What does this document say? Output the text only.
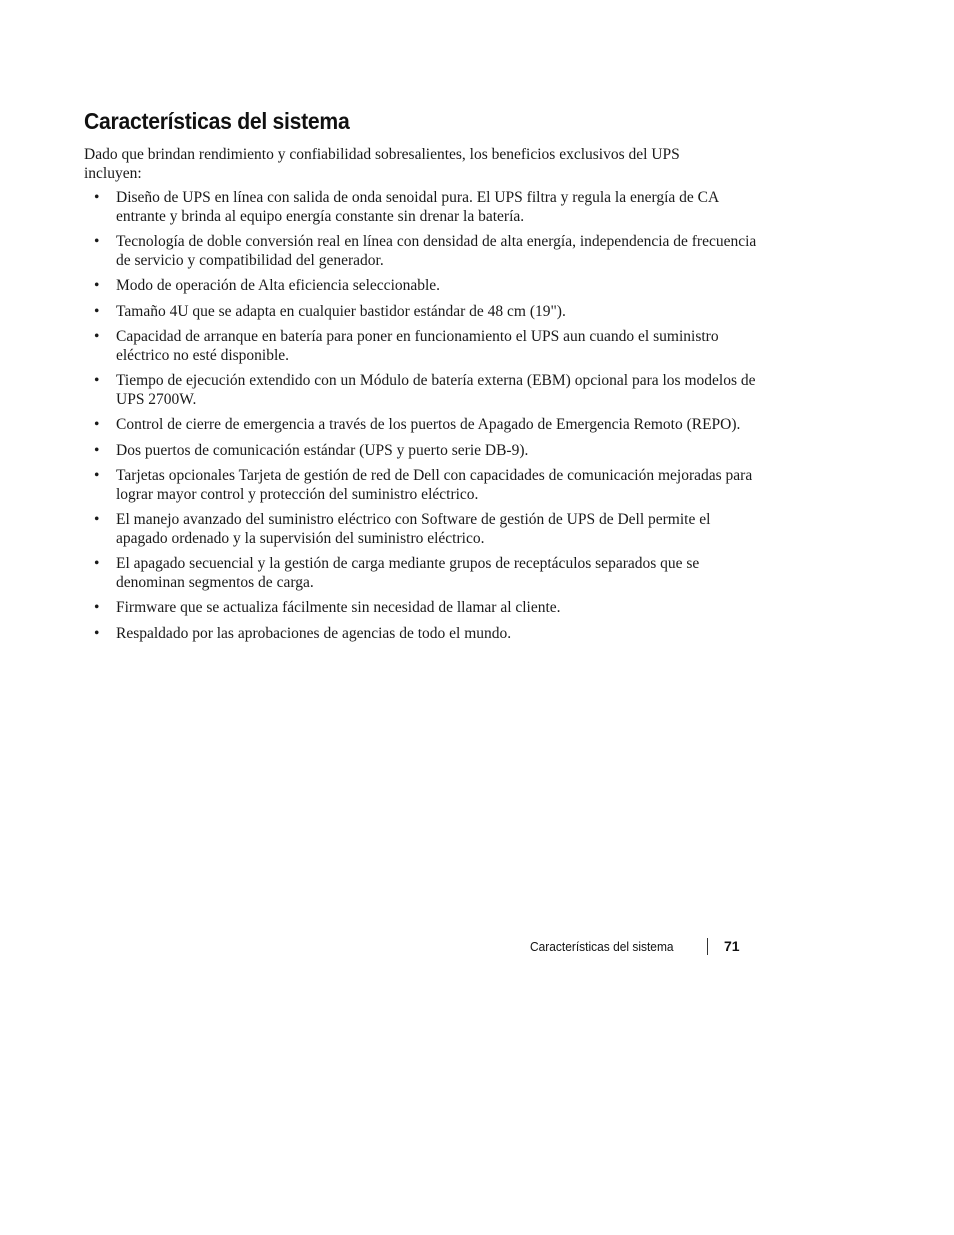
Características del sistema

Dado que brindan rendimiento y confiabilidad sobresalientes, los beneficios exclusivos del UPS incluyen:

• Diseño de UPS en línea con salida de onda senoidal pura. El UPS filtra y regula la energía de CA entrante y brinda al equipo energía constante sin drenar la batería.
• Tecnología de doble conversión real en línea con densidad de alta energía, independencia de frecuencia de servicio y compatibilidad del generador.
• Modo de operación de Alta eficiencia seleccionable.
• Tamaño 4U que se adapta en cualquier bastidor estándar de 48 cm (19").
• Capacidad de arranque en batería para poner en funcionamiento el UPS aun cuando el suministro eléctrico no esté disponible.
• Tiempo de ejecución extendido con un Módulo de batería externa (EBM) opcional para los modelos de UPS 2700W.
• Control de cierre de emergencia a través de los puertos de Apagado de Emergencia Remoto (REPO).
• Dos puertos de comunicación estándar (UPS y puerto serie DB-9).
• Tarjetas opcionales Tarjeta de gestión de red de Dell con capacidades de comunicación mejoradas para lograr mayor control y protección del suministro eléctrico.
• El manejo avanzado del suministro eléctrico con Software de gestión de UPS de Dell permite el apagado ordenado y la supervisión del suministro eléctrico.
• El apagado secuencial y la gestión de carga mediante grupos de receptáculos separados que se denominan segmentos de carga.
• Firmware que se actualiza fácilmente sin necesidad de llamar al cliente.
• Respaldado por las aprobaciones de agencias de todo el mundo.
Características del sistema	71
